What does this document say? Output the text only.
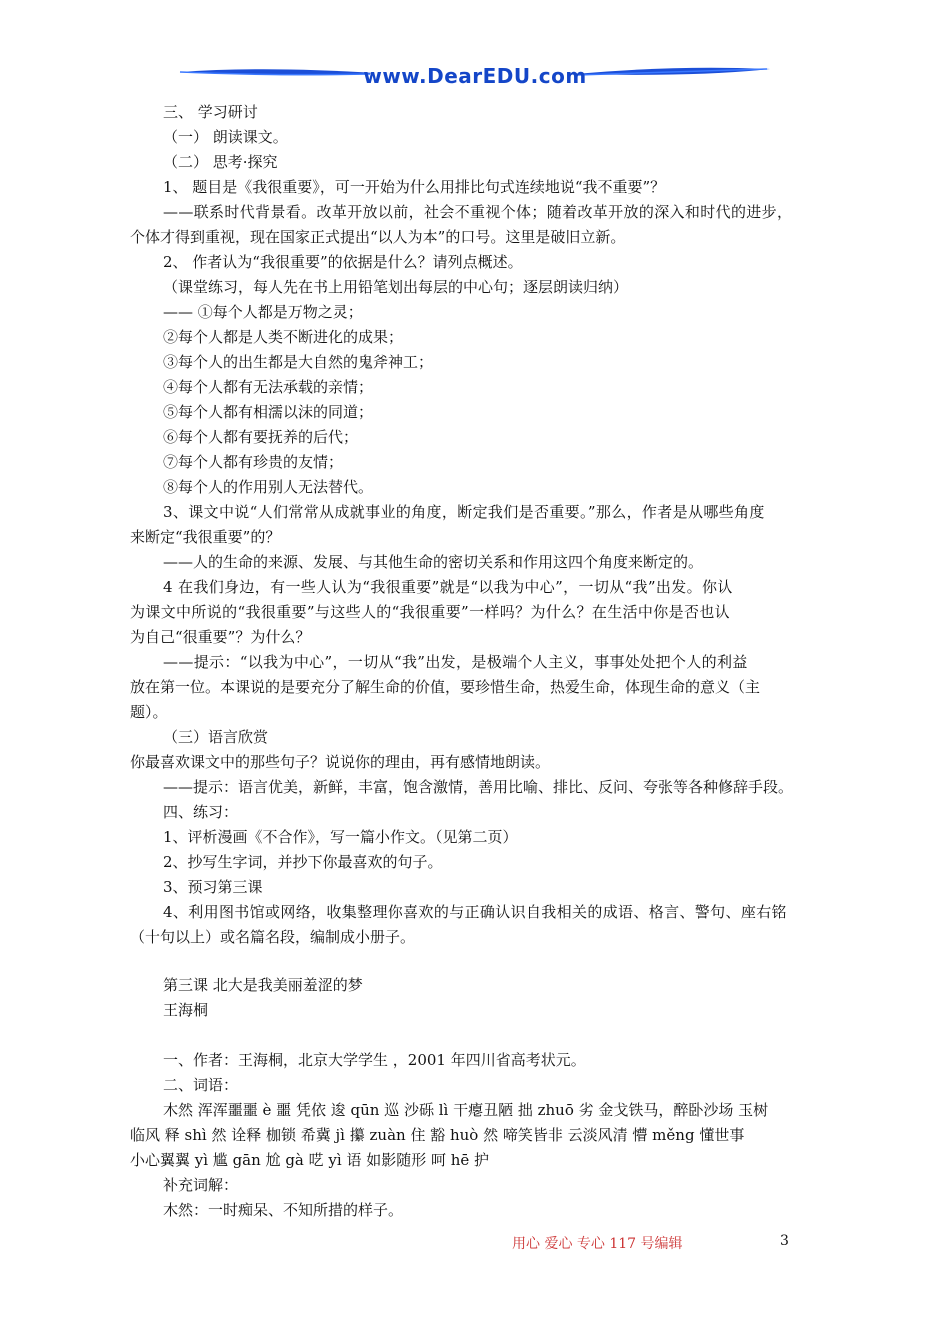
www.DearEDU.com
三、 学习研讨
（一） 朗读课文。
（二） 思考·探究
1、 题目是《我很重要》，可一开始为什么用排比句式连续地说“我不重要”？
——联系时代背景看。改革开放以前，社会不重视个体；随着改革开放的深入和时代的进步，
个体才得到重视，现在国家正式提出“以人为本”的口号。这里是破旧立新。
2、 作者认为“我很重要”的依据是什么？请列点概述。
（课堂练习，每人先在书上用铅笔划出每层的中心句；逐层朗读归纳）
—— ①每个人都是万物之灵；
②每个人都是人类不断进化的成果；
③每个人的出生都是大自然的鬼斧神工；
④每个人都有无法承载的亲情；
⑤每个人都有相濡以沫的同道；
⑥每个人都有要抚养的后代；
⑦每个人都有珍贵的友情；
⑧每个人的作用别人无法替代。
3、课文中说“人们常常从成就事业的角度，断定我们是否重要。”那么，作者是从哪些角度
来断定“我很重要”的？
——人的生命的来源、发展、与其他生命的密切关系和作用这四个角度来断定的。
4 在我们身边，有一些人认为“我很重要”就是“以我为中心”，一切从“我”出发。你认
为课文中所说的“我很重要”与这些人的“我很重要”一样吗？为什么？在生活中你是否也认
为自己“很重要”？为什么？
——提示：“以我为中心”，一切从“我”出发，是极端个人主义，事事处处把个人的利益
放在第一位。本课说的是要充分了解生命的价值，要珍惜生命，热爱生命，体现生命的意义（主
题）。
（三）语言欣赏
你最喜欢课文中的那些句子？说说你的理由，再有感情地朗读。
——提示：语言优美，新鲜，丰富，饱含激情，善用比喻、排比、反问、夸张等各种修辞手段。
四、练习：
1、评析漫画《不合作》，写一篇小作文。（见第二页）
2、抄写生字词，并抄下你最喜欢的句子。
3、预习第三课
4、利用图书馆或网络，收集整理你喜欢的与正确认识自我相关的成语、格言、警句、座右铭
（十句以上）或名篇名段，编制成小册子。
第三课 北大是我美丽羞涩的梦
王海桐
一、作者：王海桐，北京大学学生 ，2001 年四川省高考状元。
二、词语：
木然 浑浑噩噩 è 噩 凭依 逡 qūn 巡 沙砾 lì 干瘪丑陋 拙 zhuō 劣 金戈铁马，醉卧沙场 玉树
临风 释 shì 然 诠释 枷锁 希冀 jì 攥 zuàn 住 豁 huò 然 啼笑皆非 云淡风清 懵 měng 懂世事
小心翼翼 yì 尴 gān 尬 gà 呓 yì 语 如影随形 呵 hē 护
补充词解：
木然：一时痴呆、不知所措的样子。
用心 爱心 专心 117 号编辑	3
